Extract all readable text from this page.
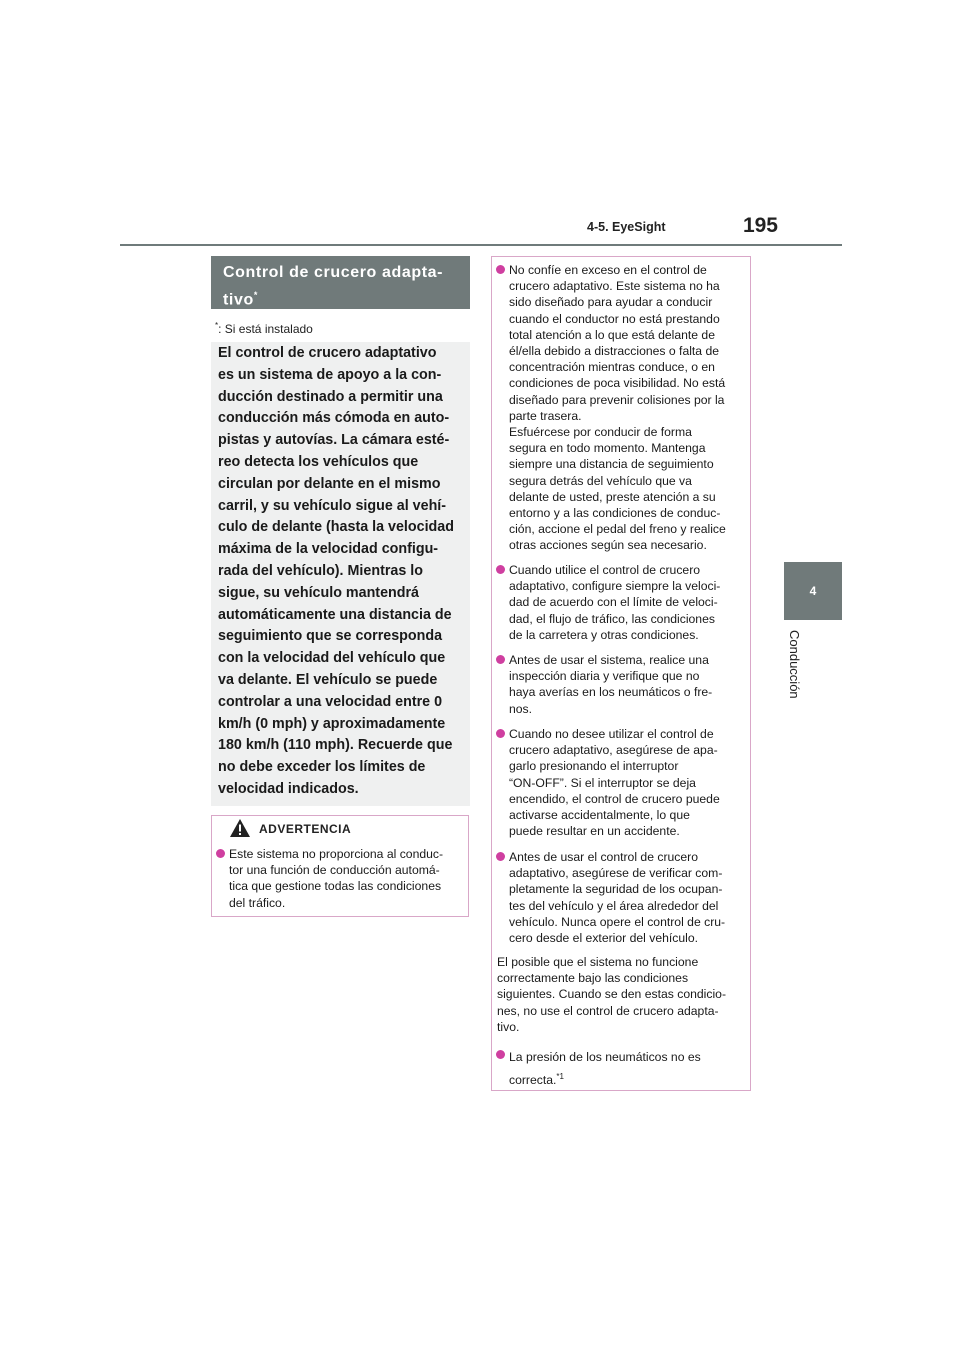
4-5. EyeSight	195
4
Conducción
Control de crucero adapta-
tivo*
*: Si está instalado
El control de crucero adaptativo
es un sistema de apoyo a la con-
ducción destinado a permitir una
conducción más cómoda en auto-
pistas y autovías. La cámara esté-
reo detecta los vehículos que
circulan por delante en el mismo
carril, y su vehículo sigue al vehí-
culo de delante (hasta la velocidad
máxima de la velocidad configu-
rada del vehículo). Mientras lo
sigue, su vehículo mantendrá
automáticamente una distancia de
seguimiento que se corresponda
con la velocidad del vehículo que
va delante. El vehículo se puede
controlar a una velocidad entre 0
km/h (0 mph) y aproximadamente
180 km/h (110 mph). Recuerde que
no debe exceder los límites de
velocidad indicados.
ADVERTENCIA
Este sistema no proporciona al conduc-
tor una función de conducción automá-
tica que gestione todas las condiciones
del tráfico.
No confíe en exceso en el control de
crucero adaptativo. Este sistema no ha
sido diseñado para ayudar a conducir
cuando el conductor no está prestando
total atención a lo que está delante de
él/ella debido a distracciones o falta de
concentración mientras conduce, o en
condiciones de poca visibilidad. No está
diseñado para prevenir colisiones por la
parte trasera.
Esfuércese por conducir de forma
segura en todo momento. Mantenga
siempre una distancia de seguimiento
segura detrás del vehículo que va
delante de usted, preste atención a su
entorno y a las condiciones de conduc-
ción, accione el pedal del freno y realice
otras acciones según sea necesario.
Cuando utilice el control de crucero
adaptativo, configure siempre la veloci-
dad de acuerdo con el límite de veloci-
dad, el flujo de tráfico, las condiciones
de la carretera y otras condiciones.
Antes de usar el sistema, realice una
inspección diaria y verifique que no
haya averías en los neumáticos o fre-
nos.
Cuando no desee utilizar el control de
crucero adaptativo, asegúrese de apa-
garlo presionando el interruptor
“ON-OFF”. Si el interruptor se deja
encendido, el control de crucero puede
activarse accidentalmente, lo que
puede resultar en un accidente.
Antes de usar el control de crucero
adaptativo, asegúrese de verificar com-
pletamente la seguridad de los ocupan-
tes del vehículo y el área alrededor del
vehículo. Nunca opere el control de cru-
cero desde el exterior del vehículo.
El posible que el sistema no funcione
correctamente bajo las condiciones
siguientes. Cuando se den estas condicio-
nes, no use el control de crucero adapta-
tivo.
La presión de los neumáticos no es
correcta.$^{*1}$
